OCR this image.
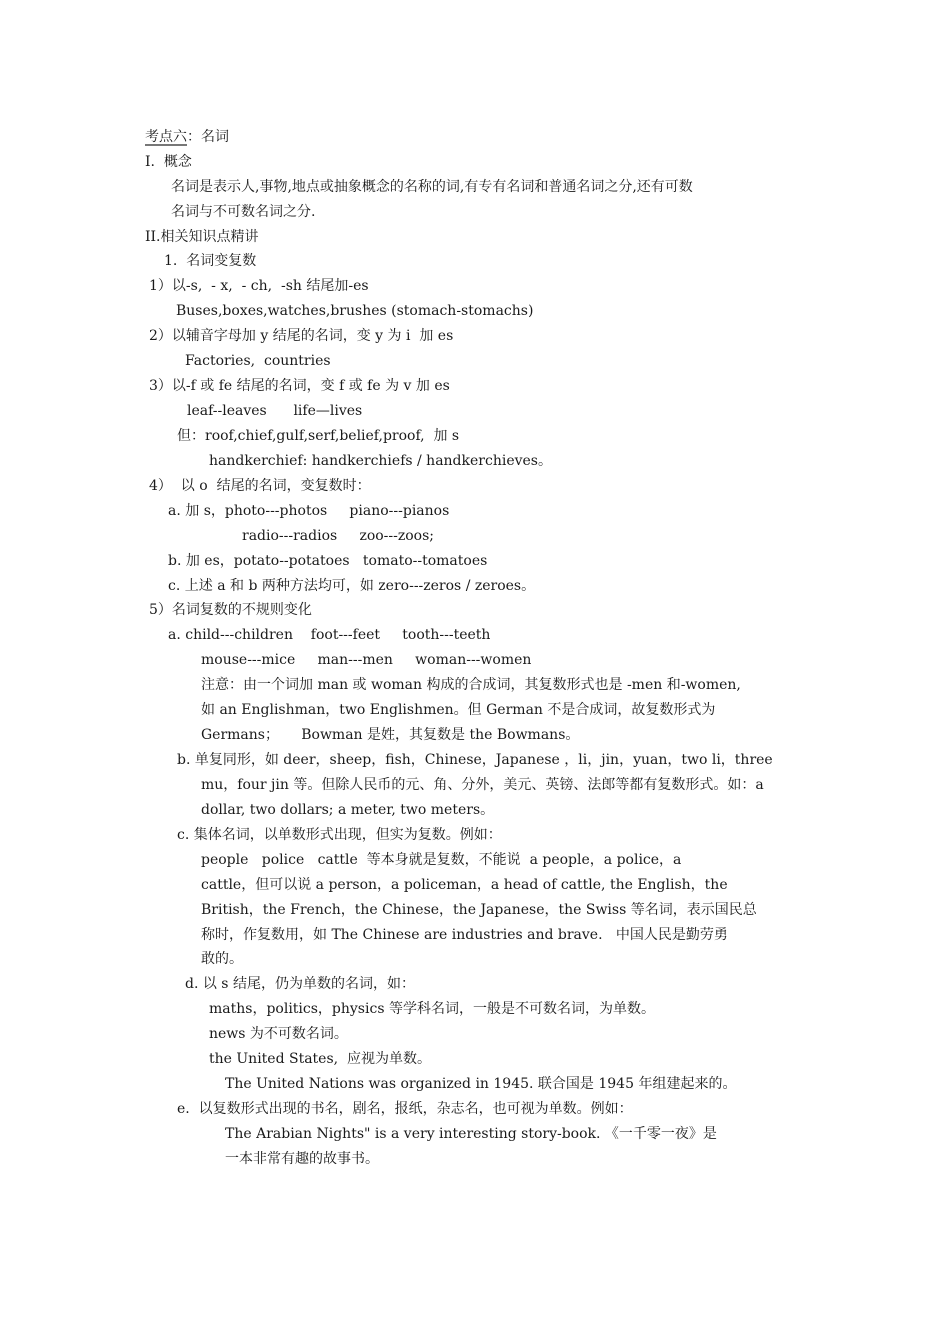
考点六：名词
I.  概念
名词是表示人,事物,地点或抽象概念的名称的词,有专有名词和普通名词之分,还有可数
名词与不可数名词之分.
II.相关知识点精讲
1.  名词变复数
1）以-s,  - x,  - ch,  -sh 结尾加-es
Buses,boxes,watches,brushes (stomach-stomachs)
2）以辅音字母加 y 结尾的名词，变 y 为 i  加 es
Factories,  countries
3）以-f 或 fe 结尾的名词，变 f 或 fe 为 v 加 es
leaf--leaves      life—lives
但：roof,chief,gulf,serf,belief,proof,  加 s
handkerchief: handkerchiefs / handkerchieves。
4）  以 o  结尾的名词，变复数时：
a. 加 s，photo---photos     piano---pianos
radio---radios     zoo---zoos;
b. 加 es，potato--potatoes   tomato--tomatoes
c. 上述 a 和 b 两种方法均可，如 zero---zeros / zeroes。
5）名词复数的不规则变化
a. child---children    foot---feet     tooth---teeth
mouse---mice     man---men     woman---women
注意：由一个词加 man 或 woman 构成的合成词，其复数形式也是 -men 和-women,
如 an Englishman，two Englishmen。但 German 不是合成词，故复数形式为
Germans；     Bowman 是姓，其复数是 the Bowmans。
b. 单复同形，如 deer，sheep，fish，Chinese，Japanese ，li，jin，yuan，two li，three
mu，four jin 等。但除人民币的元、角、分外，美元、英镑、法郎等都有复数形式。如：a
dollar, two dollars; a meter, two meters。
c. 集体名词，以单数形式出现，但实为复数。例如：
people   police   cattle  等本身就是复数，不能说  a people，a police，a
cattle，但可以说 a person，a policeman，a head of cattle, the English，the
British，the French，the Chinese，the Japanese，the Swiss 等名词，表示国民总
称时，作复数用，如 The Chinese are industries and brave.   中国人民是勤劳勇
敢的。
d. 以 s 结尾，仍为单数的名词，如：
maths，politics，physics 等学科名词，一般是不可数名词，为单数。
news 为不可数名词。
the United States,  应视为单数。
The United Nations was organized in 1945. 联合国是 1945 年组建起来的。
e.  以复数形式出现的书名，剧名，报纸，杂志名，也可视为单数。例如：
The Arabian Nights" is a very interesting story-book. 《一千零一夜》是
一本非常有趣的故事书。
